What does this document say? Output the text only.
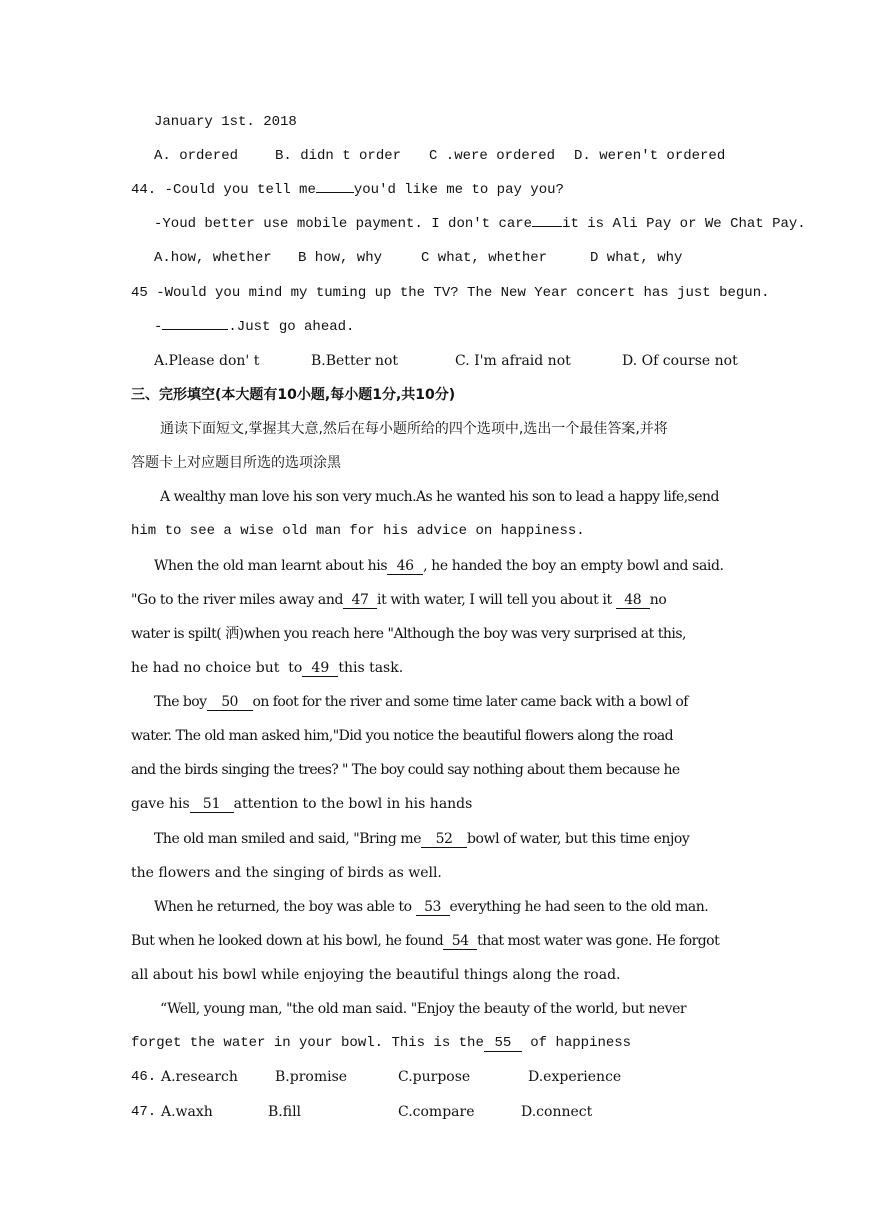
January 1st. 2018
A. ordered	B. didn t order C .were ordered D. weren't ordered
44. -Could you tell me	you'd like me to pay you?
-Youd better use mobile payment. I don't care it is Ali Pay or We Chat Pay.
A.how, whether B how, why	C what, whether	D what, why
45 -Would you mind my tuming up the TV? The New Year concert has just begun.
-	.Just go ahead.
A.Please don' t	B.Better not	C. I'm afraid not	D. Of course not
三、完形填空(本大题有10小题,每小题1分,共10分)
通读下面短文,掌握其大意,然后在每小题所给的四个选项中,选出一个最佳答案,并将
答题卡上对应题目所选的选项涂黑
A wealthy man love his son very much.As he wanted his son to lead a happy life,send
him to see a wise old man for his advice on happiness.
When the old man learnt about his 46 , he handed the boy an empty bowl and said.
"Go to the river miles away and 47 it with water, I will tell you about it 48 no
water is spilt( 洒)when you reach here "Although the boy was very surprised at this,
he had no choice but  to 49 this task.
The boy 50 on foot for the river and some time later came back with a bowl of
water. The old man asked him,"Did you notice the beautiful flowers along the road
and the birds singing the trees? " The boy could say nothing about them because he
gave his 51 attention to the bowl in his hands
The old man smiled and said, "Bring me 52 bowl of water, but this time enjoy
the flowers and the singing of birds as well.
When he returned, the boy was able to 53 everything he had seen to the old man.
But when he looked down at his bowl, he found 54 that most water was gone. He forgot
all about his bowl while enjoying the beautiful things along the road.
“Well, young man, "the old man said. "Enjoy the beauty of the world, but never
forget the water in your bowl. This is the 55 of happiness
46. A.research	B.promise	C.purpose	D.experience
47. A.waxh	B.fill	C.compare	D.connect
